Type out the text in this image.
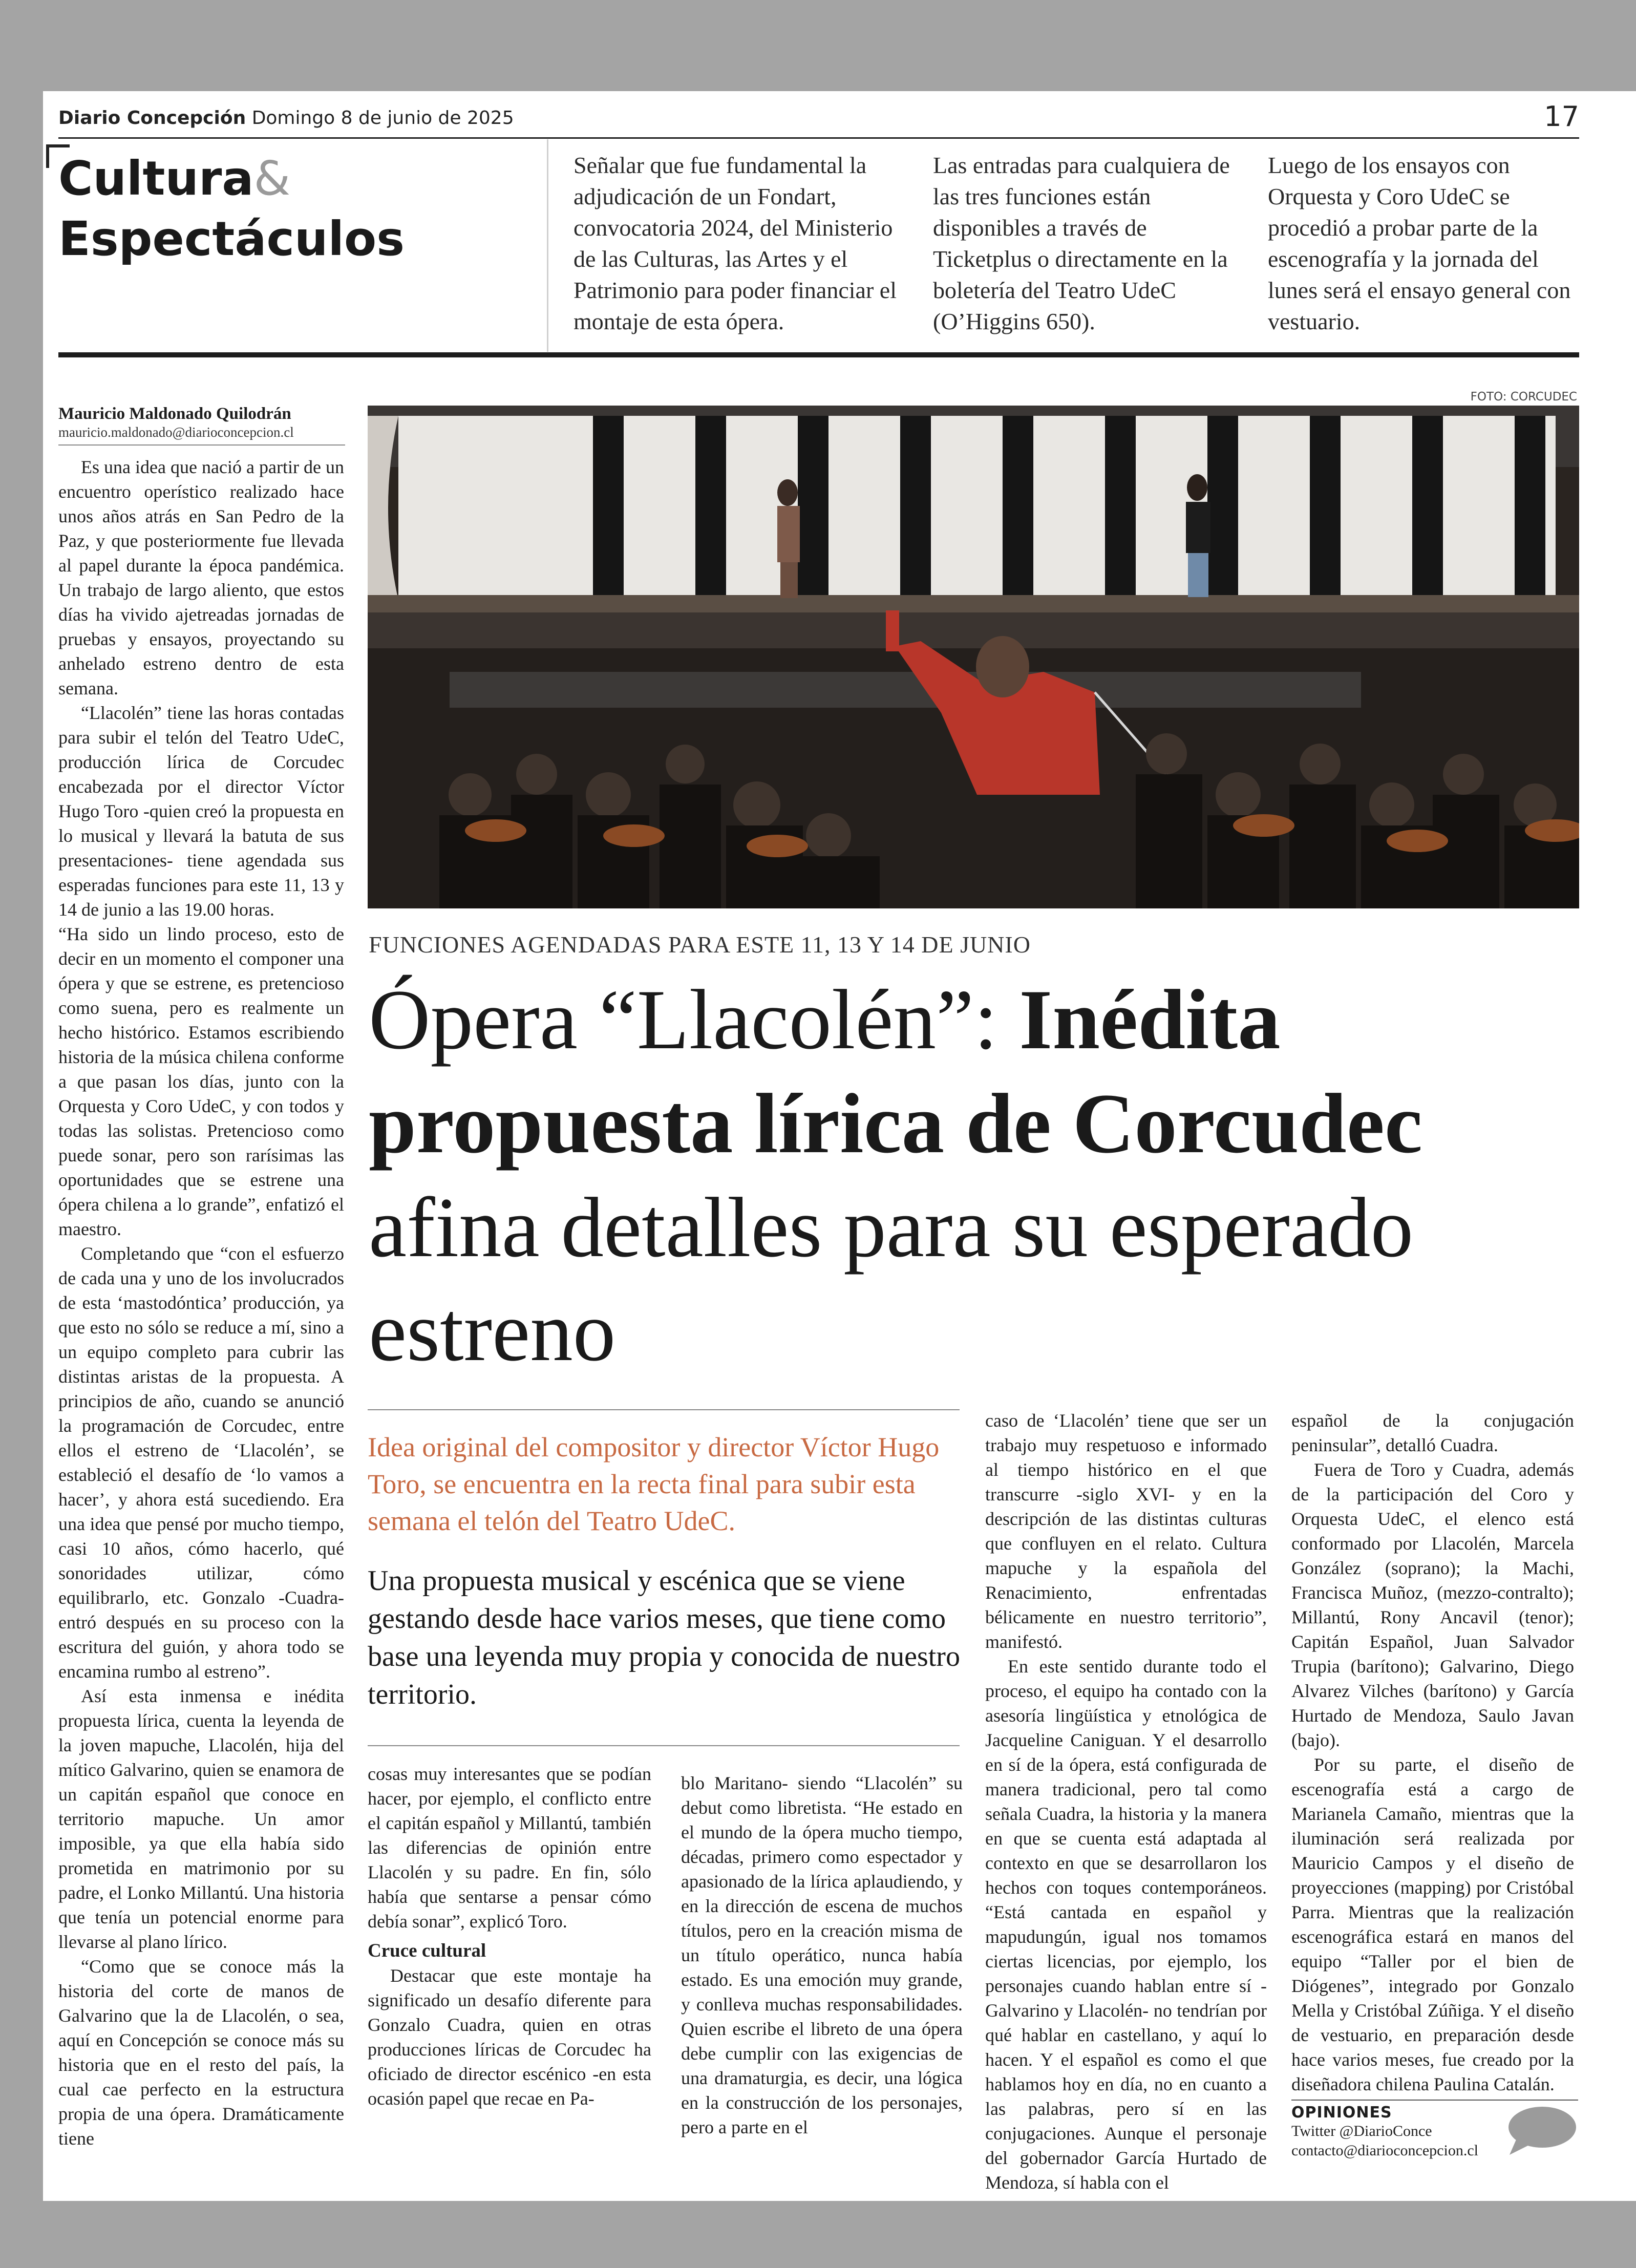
Diario Concepción Domingo 8 de junio de 2025	17
Cultura&
Espectáculos
Señalar que fue fundamental la adjudicación de un Fondart, convocatoria 2024, del Ministerio de las Culturas, las Artes y el Patrimonio para poder financiar el montaje de esta ópera.
Las entradas para cualquiera de las tres funciones están disponibles a través de Ticketplus o directamente en la boletería del Teatro UdeC (O’Higgins 650).
Luego de los ensayos con Orquesta y Coro UdeC se procedió a probar parte de la escenografía y la jornada del lunes será el ensayo general con vestuario.
Mauricio Maldonado Quilodrán
mauricio.maldonado@diarioconcepcion.cl
FOTO: CORCUDEC
FUNCIONES AGENDADAS PARA ESTE 11, 13 Y 14 DE JUNIO
Ópera “Llacolén”: Inédita propuesta lírica de Corcudec afina detalles para su esperado estreno
Idea original del compositor y director Víctor Hugo Toro, se encuentra en la recta final para subir esta semana el telón del Teatro UdeC.
Una propuesta musical y escénica que se viene gestando desde hace varios meses, que tiene como base una leyenda muy propia y conocida de nuestro territorio.

Es una idea que nació a partir de un encuentro operístico realizado hace unos años atrás en San Pedro de la Paz, y que posteriormente fue llevada al papel durante la época pandémica. Un trabajo de largo aliento, que estos días ha vivido ajetreadas jornadas de pruebas y ensayos, proyectando su anhelado estreno dentro de esta semana.

“Llacolén” tiene las horas contadas para subir el telón del Teatro UdeC, producción lírica de Corcudec encabezada por el director Víctor Hugo Toro -quien creó la propuesta en lo musical y llevará la batuta de sus presentaciones- tiene agendada sus esperadas funciones para este 11, 13 y 14 de junio a las 19.00 horas.

“Ha sido un lindo proceso, esto de decir en un momento el componer una ópera y que se estrene, es pretencioso como suena, pero es realmente un hecho histórico. Estamos escribiendo historia de la música chilena conforme a que pasan los días, junto con la Orquesta y Coro UdeC, y con todos y todas las solistas. Pretencioso como puede sonar, pero son rarísimas las oportunidades que se estrene una ópera chilena a lo grande”, enfatizó el maestro.

Completando que “con el esfuerzo de cada una y uno de los involucrados de esta ‘mastodóntica’ producción, ya que esto no sólo se reduce a mí, sino a un equipo completo para cubrir las distintas aristas de la propuesta. A principios de año, cuando se anunció la programación de Corcudec, entre ellos el estreno de ‘Llacolén’, se estableció el desafío de ‘lo vamos a hacer’, y ahora está sucediendo. Era una idea que pensé por mucho tiempo, casi 10 años, cómo hacerlo, qué sonoridades utilizar, cómo equilibrarlo, etc. Gonzalo -Cuadra- entró después en su proceso con la escritura del guión, y ahora todo se encamina rumbo al estreno”.

Así esta inmensa e inédita propuesta lírica, cuenta la leyenda de la joven mapuche, Llacolén, hija del mítico Galvarino, quien se enamora de un capitán español que conoce en territorio mapuche. Un amor imposible, ya que ella había sido prometida en matrimonio por su padre, el Lonko Millantú. Una historia que tenía un potencial enorme para llevarse al plano lírico.

“Como que se conoce más la historia del corte de manos de Galvarino que la de Llacolén, o sea, aquí en Concepción se conoce más su historia que en el resto del país, la cual cae perfecto en la estructura propia de una ópera. Dramáticamente tiene

cosas muy interesantes que se podían hacer, por ejemplo, el conflicto entre el capitán español y Millantú, también las diferencias de opinión entre Llacolén y su padre. En fin, sólo había que sentarse a pensar cómo debía sonar”, explicó Toro.

Cruce cultural

Destacar que este montaje ha significado un desafío diferente para Gonzalo Cuadra, quien en otras producciones líricas de Corcudec ha oficiado de director escénico -en esta ocasión papel que recae en Pa-

blo Maritano- siendo “Llacolén” su debut como libretista. “He estado en el mundo de la ópera mucho tiempo, décadas, primero como espectador y apasionado de la lírica aplaudiendo, y en la dirección de escena de muchos títulos, pero en la creación misma de un título operático, nunca había estado. Es una emoción muy grande, y conlleva muchas responsabilidades. Quien escribe el libreto de una ópera debe cumplir con las exigencias de una dramaturgia, es decir, una lógica en la construcción de los personajes, pero a parte en el

caso de ‘Llacolén’ tiene que ser un trabajo muy respetuoso e informado al tiempo histórico en el que transcurre -siglo XVI- y en la descripción de las distintas culturas que confluyen en el relato. Cultura mapuche y la española del Renacimiento, enfrentadas bélicamente en nuestro territorio”, manifestó.

En este sentido durante todo el proceso, el equipo ha contado con la asesoría lingüística y etnológica de Jacqueline Caniguan. Y el desarrollo en sí de la ópera, está configurada de manera tradicional, pero tal como señala Cuadra, la historia y la manera en que se cuenta está adaptada al contexto en que se desarrollaron los hechos con toques contemporáneos. “Está cantada en español y mapudungún, igual nos tomamos ciertas licencias, por ejemplo, los personajes cuando hablan entre sí -Galvarino y Llacolén- no tendrían por qué hablar en castellano, y aquí lo hacen. Y el español es como el que hablamos hoy en día, no en cuanto a las palabras, pero sí en las conjugaciones. Aunque el personaje del gobernador García Hurtado de Mendoza, sí habla con el

español de la conjugación peninsular”, detalló Cuadra.

Fuera de Toro y Cuadra, además de la participación del Coro y Orquesta UdeC, el elenco está conformado por Llacolén, Marcela González (soprano); la Machi, Francisca Muñoz, (mezzo-contralto); Millantú, Rony Ancavil (tenor); Capitán Español, Juan Salvador Trupia (barítono); Galvarino, Diego Alvarez Vilches (barítono) y García Hurtado de Mendoza, Saulo Javan (bajo).

Por su parte, el diseño de escenografía está a cargo de Marianela Camaño, mientras que la iluminación será realizada por Mauricio Campos y el diseño de proyecciones (mapping) por Cristóbal Parra. Mientras que la realización escenográfica estará en manos del equipo “Taller por el bien de Diógenes”, integrado por Gonzalo Mella y Cristóbal Zúñiga. Y el diseño de vestuario, en preparación desde hace varios meses, fue creado por la diseñadora chilena Paulina Catalán.

OPINIONES
Twitter @DiarioConce
contacto@diarioconcepcion.cl
